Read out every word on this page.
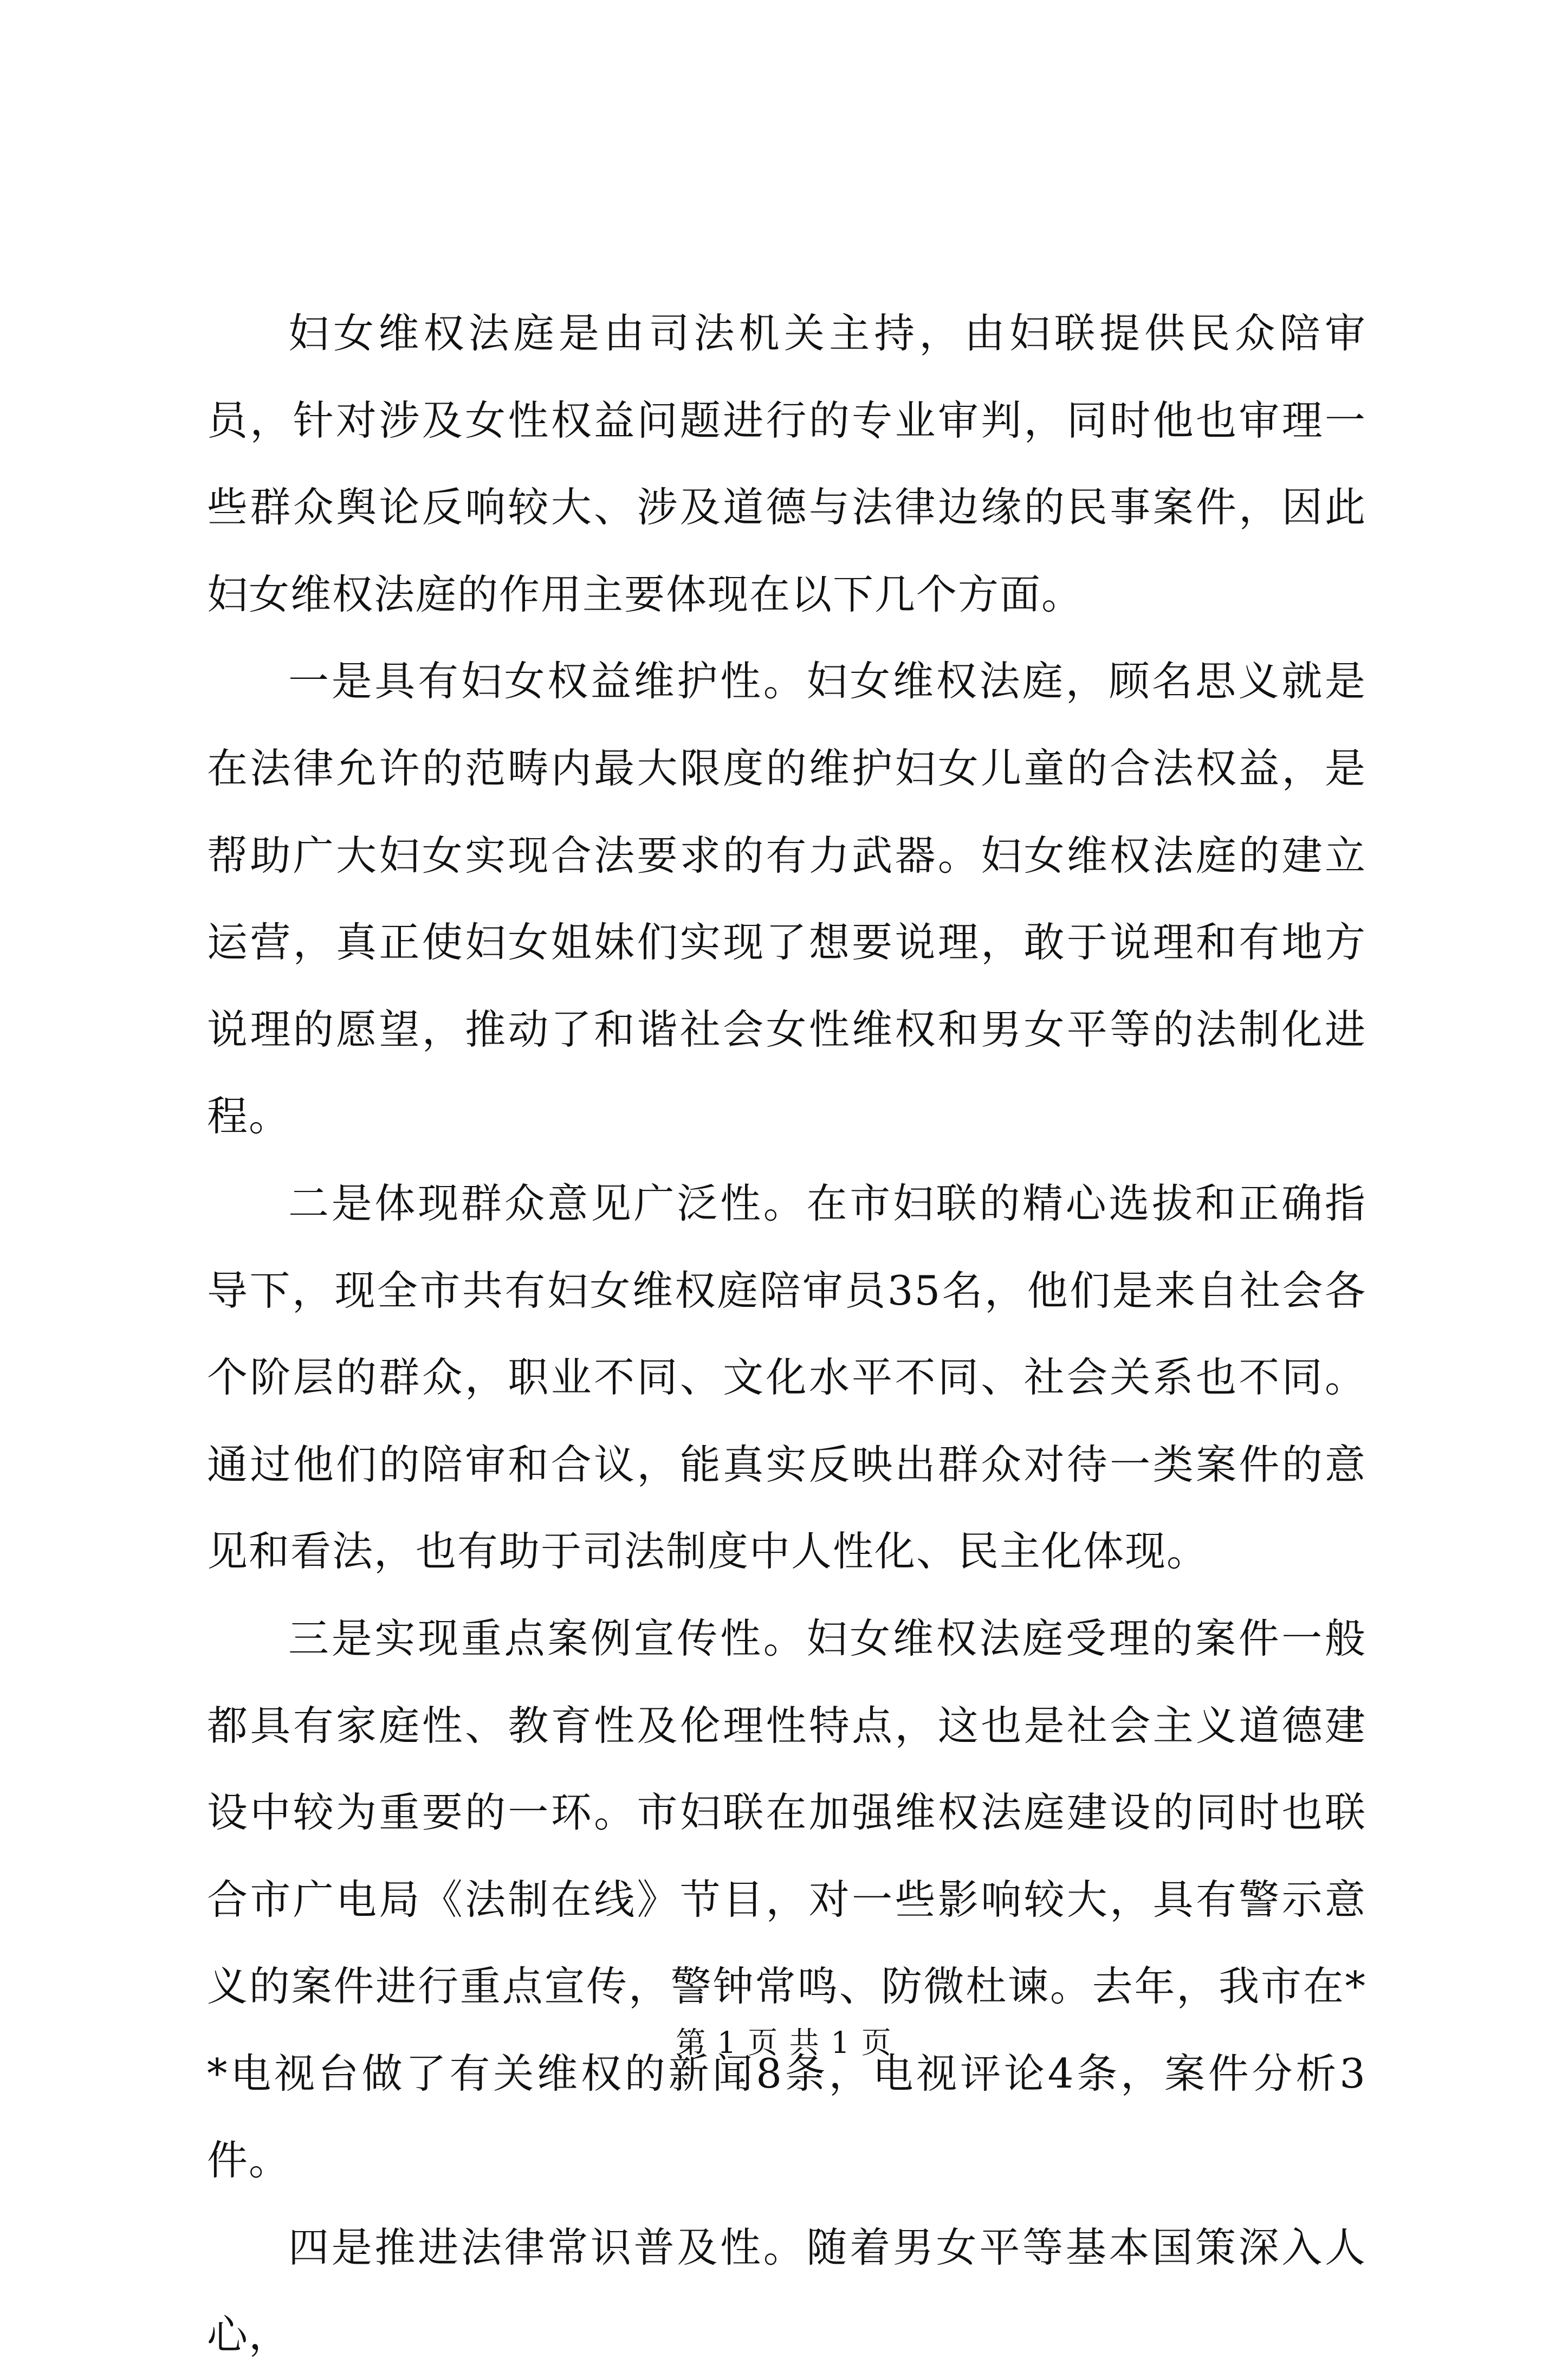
妇女维权法庭是由司法机关主持，由妇联提供民众陪审员，针对涉及女性权益问题进行的专业审判，同时他也审理一些群众舆论反响较大、涉及道德与法律边缘的民事案件，因此妇女维权法庭的作用主要体现在以下几个方面。

一是具有妇女权益维护性。妇女维权法庭，顾名思义就是在法律允许的范畴内最大限度的维护妇女儿童的合法权益，是帮助广大妇女实现合法要求的有力武器。妇女维权法庭的建立运营，真正使妇女姐妹们实现了想要说理，敢于说理和有地方说理的愿望，推动了和谐社会女性维权和男女平等的法制化进程。

二是体现群众意见广泛性。在市妇联的精心选拔和正确指导下，现全市共有妇女维权庭陪审员35名，他们是来自社会各个阶层的群众，职业不同、文化水平不同、社会关系也不同。通过他们的陪审和合议，能真实反映出群众对待一类案件的意见和看法，也有助于司法制度中人性化、民主化体现。

三是实现重点案例宣传性。妇女维权法庭受理的案件一般都具有家庭性、教育性及伦理性特点，这也是社会主义道德建设中较为重要的一环。市妇联在加强维权法庭建设的同时也联合市广电局《法制在线》节目，对一些影响较大，具有警示意义的案件进行重点宣传，警钟常鸣、防微杜谏。去年，我市在**电视台做了有关维权的新闻8条，电视评论4条，案件分析3件。

四是推进法律常识普及性。随着男女平等基本国策深入人心，

第 1 页 共 1 页
